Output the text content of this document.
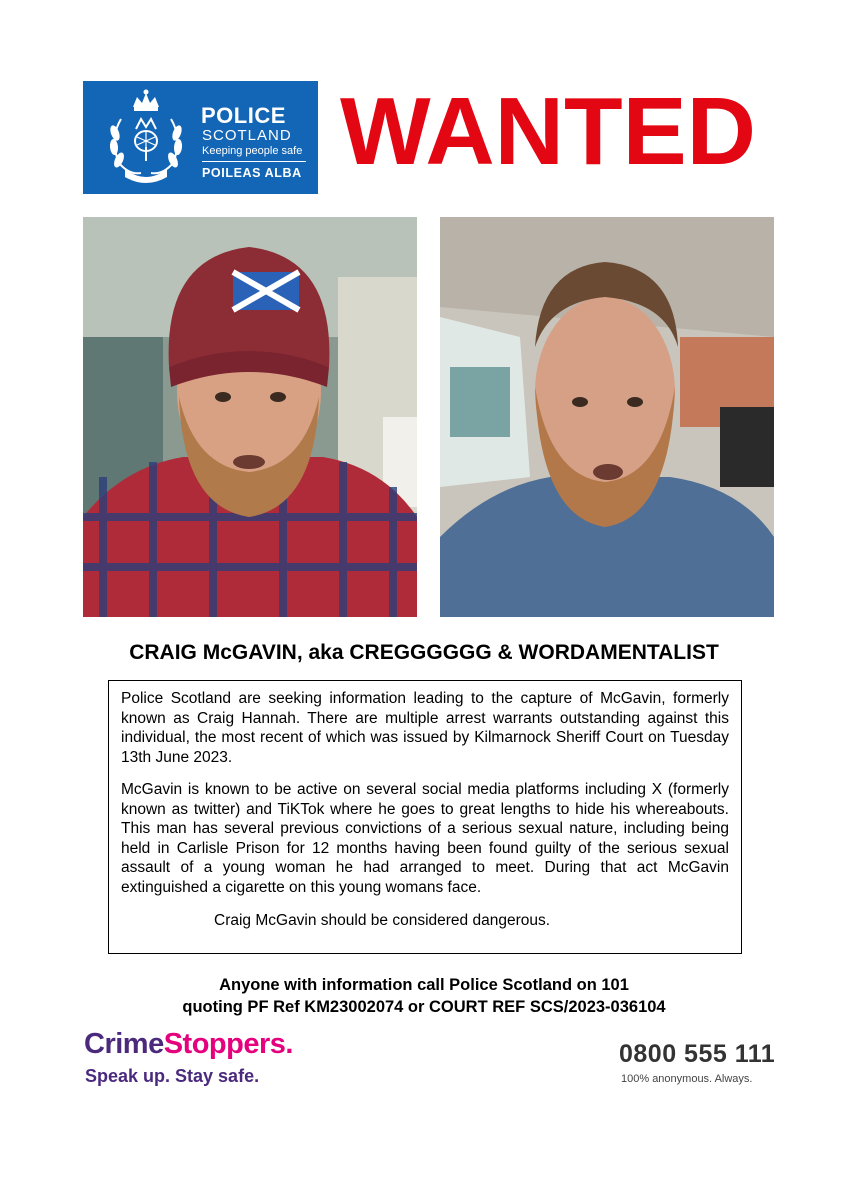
POLICE
SCOTLAND
Keeping people safe
POILEAS ALBA WANTED
CRAIG McGAVIN, aka CREGGGGGG & WORDAMENTALIST

Police Scotland are seeking information leading to the capture of McGavin, formerly known as Craig Hannah. There are multiple arrest warrants outstanding against this individual, the most recent of which was issued by Kilmarnock Sheriff Court on Tuesday 13th June 2023.

McGavin is known to be active on several social media platforms including X (formerly known as twitter) and TiKTok where he goes to great lengths to hide his whereabouts. This man has several previous convictions of a serious sexual nature, including being held in Carlisle Prison for 12 months having been found guilty of the serious sexual assault of a young woman he had arranged to meet. During that act McGavin extinguished a cigarette on this young womans face.

Craig McGavin should be considered dangerous.

Anyone with information call Police Scotland on 101
quoting PF Ref KM23002074 or COURT REF SCS/2023-036104
CrimeStoppers.
Speak up. Stay safe.
0800 555 111
100% anonymous. Always.
